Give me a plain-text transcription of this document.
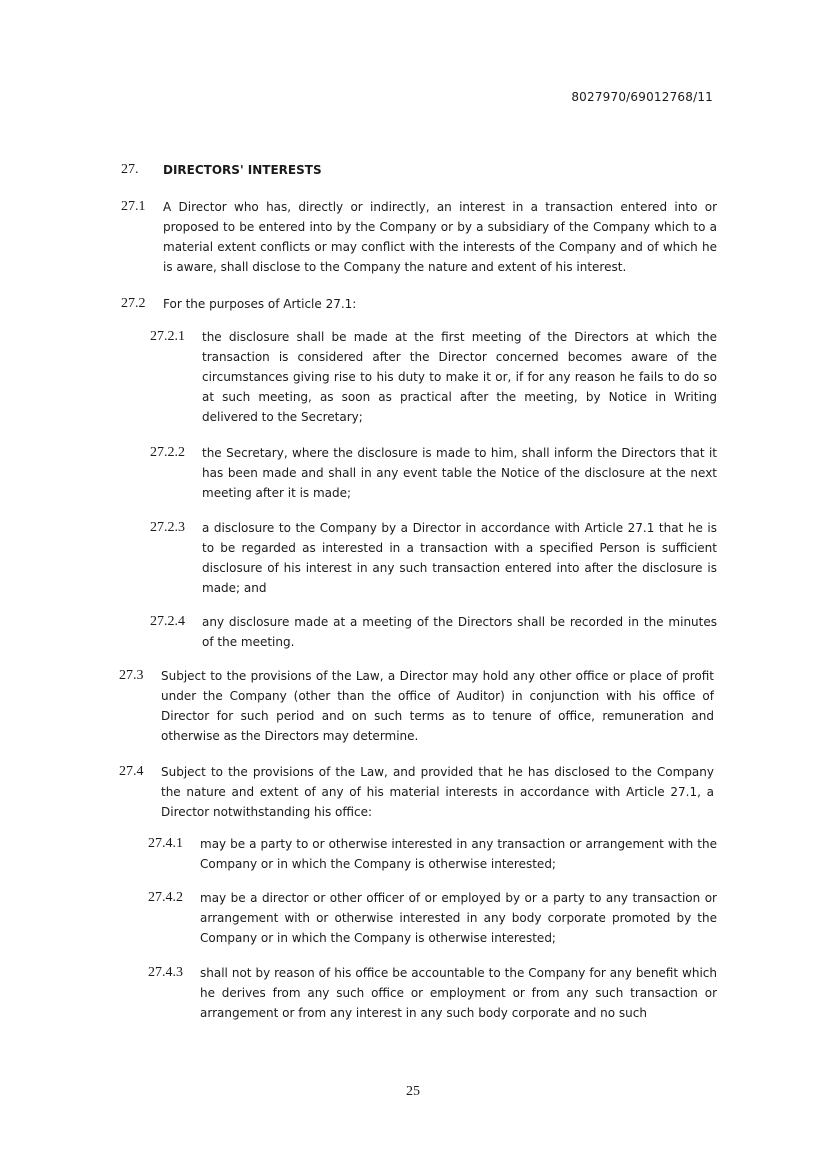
8027970/69012768/11
27. DIRECTORS' INTERESTS
27.1 A Director who has, directly or indirectly, an interest in a transaction entered into or proposed to be entered into by the Company or by a subsidiary of the Company which to a material extent conflicts or may conflict with the interests of the Company and of which he is aware, shall disclose to the Company the nature and extent of his interest.
27.2 For the purposes of Article 27.1:
27.2.1 the disclosure shall be made at the first meeting of the Directors at which the transaction is considered after the Director concerned becomes aware of the circumstances giving rise to his duty to make it or, if for any reason he fails to do so at such meeting, as soon as practical after the meeting, by Notice in Writing delivered to the Secretary;
27.2.2 the Secretary, where the disclosure is made to him, shall inform the Directors that it has been made and shall in any event table the Notice of the disclosure at the next meeting after it is made;
27.2.3 a disclosure to the Company by a Director in accordance with Article 27.1 that he is to be regarded as interested in a transaction with a specified Person is sufficient disclosure of his interest in any such transaction entered into after the disclosure is made; and
27.2.4 any disclosure made at a meeting of the Directors shall be recorded in the minutes of the meeting.
27.3 Subject to the provisions of the Law, a Director may hold any other office or place of profit under the Company (other than the office of Auditor) in conjunction with his office of Director for such period and on such terms as to tenure of office, remuneration and otherwise as the Directors may determine.
27.4 Subject to the provisions of the Law, and provided that he has disclosed to the Company the nature and extent of any of his material interests in accordance with Article 27.1, a Director notwithstanding his office:
27.4.1 may be a party to or otherwise interested in any transaction or arrangement with the Company or in which the Company is otherwise interested;
27.4.2 may be a director or other officer of or employed by or a party to any transaction or arrangement with or otherwise interested in any body corporate promoted by the Company or in which the Company is otherwise interested;
27.4.3 shall not by reason of his office be accountable to the Company for any benefit which he derives from any such office or employment or from any such transaction or arrangement or from any interest in any such body corporate and no such
25
